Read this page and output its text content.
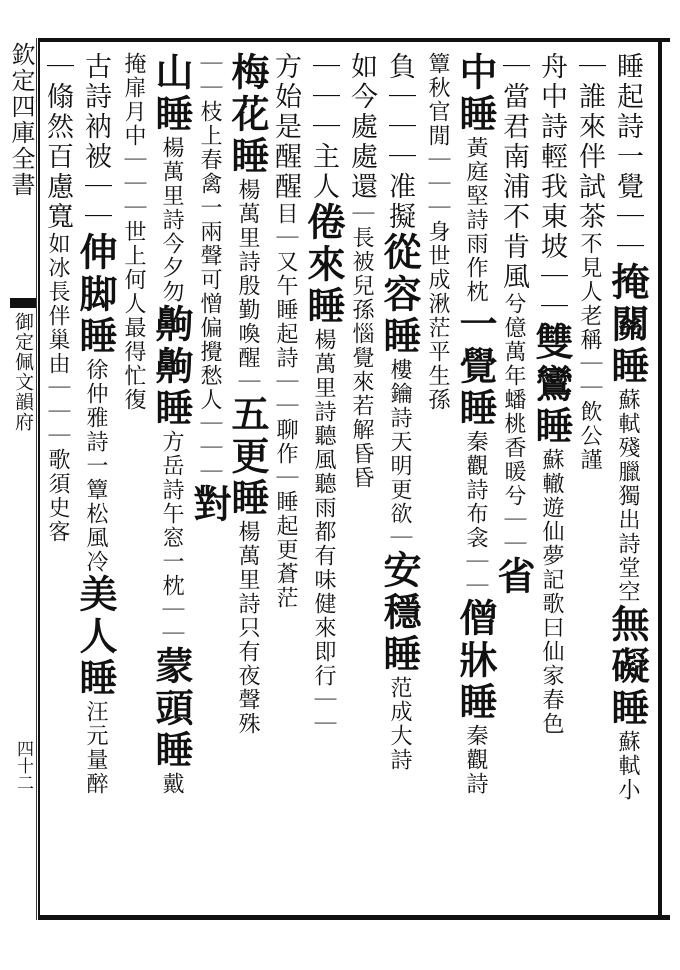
欽定四庫全書
御定佩文韻府
四十二
睡起詩一覺｜｜掩關睡蘇軾殘臘獨出詩堂空無礙睡蘇軾小
｜誰來伴試茶不見人老稱｜｜飲公謹
舟中詩輕我東坡｜｜雙鸞睡蘇轍遊仙夢記歌曰仙家春色
｜當君南浦不肯風兮億萬年蟠桃香暖兮｜｜省
中睡黃庭堅詩雨作枕一覺睡秦觀詩布衾｜｜僧牀睡秦觀詩
簟秋官閒｜｜｜身世成湫茫平生孫
負｜｜｜准擬從容睡樓鑰詩天明更欲｜安穩睡范成大詩
如今處處還｜長被兒孫惱覺來若解昏昏
｜｜｜主人倦來睡楊萬里詩聽風聽雨都有味健來即行｜｜
方始是醒醒目｜又午睡起詩｜｜聊作｜睡起更蒼茫
梅花睡楊萬里詩殷勤喚醒｜五更睡楊萬里詩只有夜聲殊
｜｜枝上春禽一兩聲可憎偏攪愁人｜｜｜對
山睡楊萬里詩今夕勿齁齁睡方岳詩午窓一枕｜｜蒙頭睡戴
掩扉月中｜｜｜世上何人最得忙復
古詩衲被｜｜伸脚睡徐仲雅詩一簟松風冷美人睡汪元量醉
｜翛然百慮寬如冰長伴巢由｜｜｜歌須史客
